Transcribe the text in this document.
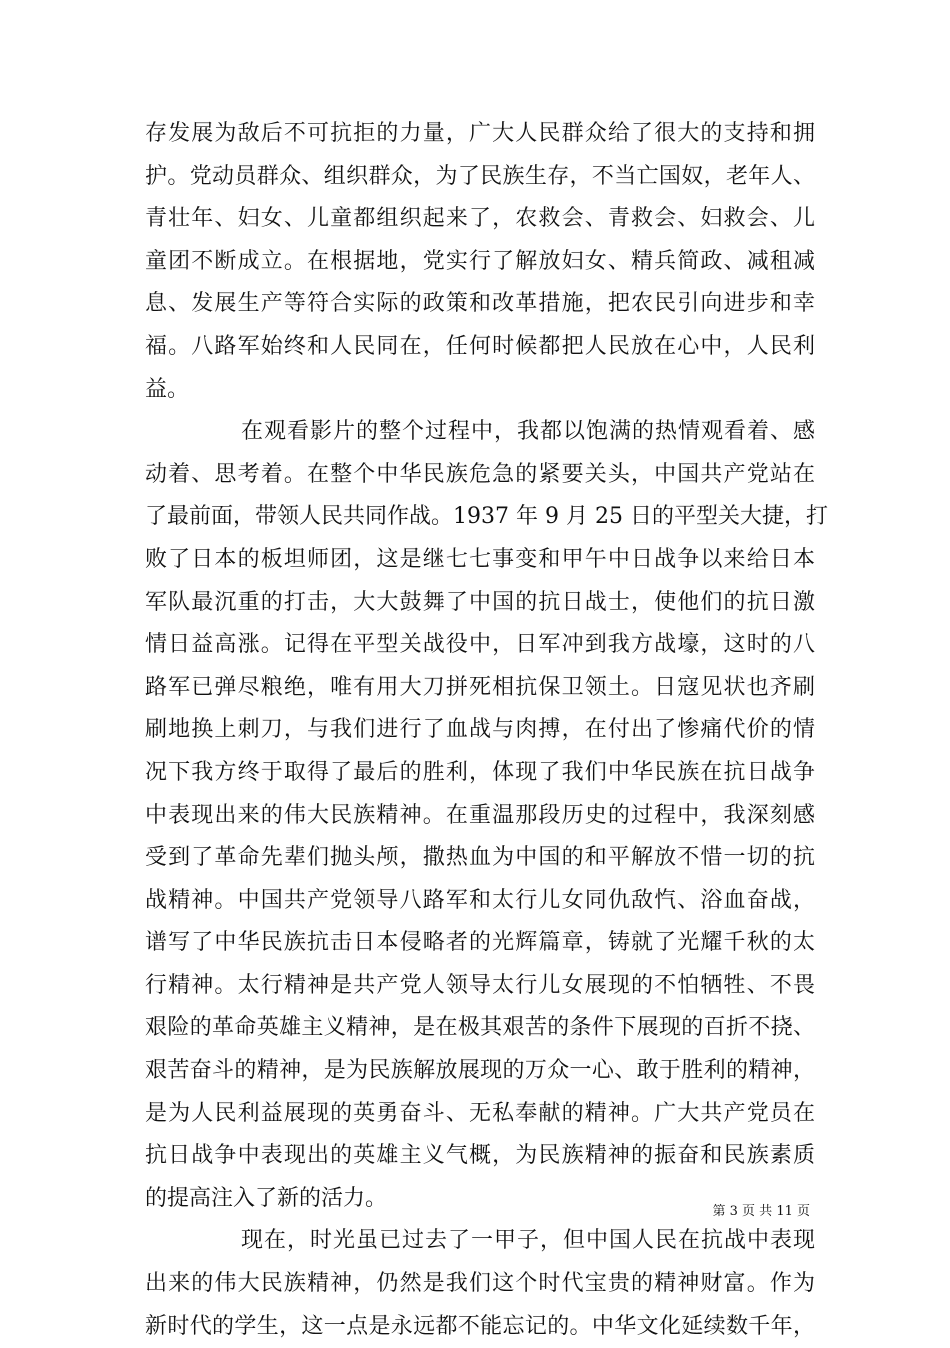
存发展为敌后不可抗拒的力量，广大人民群众给了很大的支持和拥
护。党动员群众、组织群众，为了民族生存，不当亡国奴，老年人、
青壮年、妇女、儿童都组织起来了，农救会、青救会、妇救会、儿
童团不断成立。在根据地，党实行了解放妇女、精兵简政、减租减
息、发展生产等符合实际的政策和改革措施，把农民引向进步和幸
福。八路军始终和人民同在，任何时候都把人民放在心中，人民利
益。
在观看影片的整个过程中，我都以饱满的热情观看着、感
动着、思考着。在整个中华民族危急的紧要关头，中国共产党站在
了最前面，带领人民共同作战。1937 年 9 月 25 日的平型关大捷，打
败了日本的板坦师团，这是继七七事变和甲午中日战争以来给日本
军队最沉重的打击，大大鼓舞了中国的抗日战士，使他们的抗日激
情日益高涨。记得在平型关战役中，日军冲到我方战壕，这时的八
路军已弹尽粮绝，唯有用大刀拼死相抗保卫领土。日寇见状也齐刷
刷地换上刺刀，与我们进行了血战与肉搏，在付出了惨痛代价的情
况下我方终于取得了最后的胜利，体现了我们中华民族在抗日战争
中表现出来的伟大民族精神。在重温那段历史的过程中，我深刻感
受到了革命先辈们抛头颅，撒热血为中国的和平解放不惜一切的抗
战精神。中国共产党领导八路军和太行儿女同仇敌忾、浴血奋战，
谱写了中华民族抗击日本侵略者的光辉篇章，铸就了光耀千秋的太
行精神。太行精神是共产党人领导太行儿女展现的不怕牺牲、不畏
艰险的革命英雄主义精神，是在极其艰苦的条件下展现的百折不挠、
艰苦奋斗的精神，是为民族解放展现的万众一心、敢于胜利的精神，
是为人民利益展现的英勇奋斗、无私奉献的精神。广大共产党员在
抗日战争中表现出的英雄主义气概，为民族精神的振奋和民族素质
的提高注入了新的活力。
现在，时光虽已过去了一甲子，但中国人民在抗战中表现
出来的伟大民族精神，仍然是我们这个时代宝贵的精神财富。作为
新时代的学生，这一点是永远都不能忘记的。中华文化延续数千年，
第 3 页 共 11 页
